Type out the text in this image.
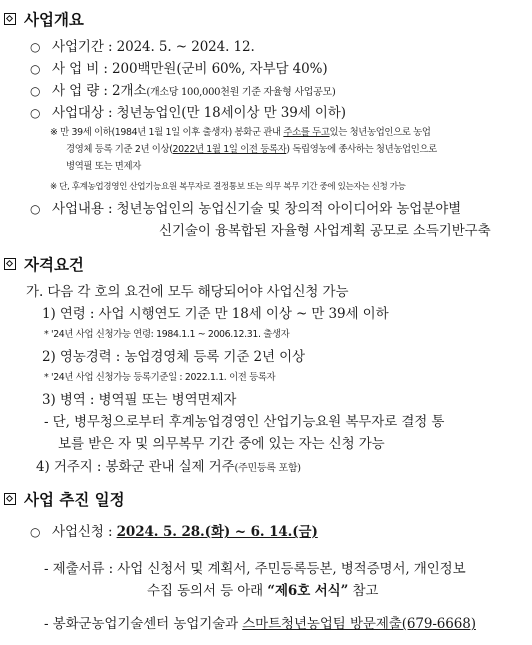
사업개요
○ 사업기간 : 2024. 5. ~ 2024. 12.
○ 사 업 비 : 200백만원(군비 60%, 자부담 40%)
○ 사 업 량 : 2개소(개소당 100,000천원 기준 자율형 사업공모)
○ 사업대상 : 청년농업인(만 18세이상 만 39세 이하)
※ 만 39세 이하(1984년 1월 1일 이후 출생자) 봉화군 관내 주소를 두고있는 청년농업인으로 농업
경영체 등록 기준 2년 이상(2022년 1월 1일 이전 등록자) 독립영농에 종사하는 청년농업인으로
병역필 또는 면제자
※ 단, 후계농업경영인 산업기능요원 복무자로 결정통보 또는 의무 복무 기간 중에 있는자는 신청 가능
○ 사업내용 : 청년농업인의 농업신기술 및 창의적 아이디어와 농업분야별
신기술이 융복합된 자율형 사업계획 공모로 소득기반구축
자격요건
가. 다음 각 호의 요건에 모두 해당되어야 사업신청 가능
1) 연령 : 사업 시행연도 기준 만 18세 이상 ~ 만 39세 이하
* '24년 사업 신청가능 연령: 1984.1.1 ~ 2006.12.31. 출생자
2) 영농경력 : 농업경영체 등록 기준 2년 이상
* '24년 사업 신청가능 등록기준일 : 2022.1.1. 이전 등록자
3) 병역 : 병역필 또는 병역면제자
- 단, 병무청으로부터 후계농업경영인 산업기능요원 복무자로 결정 통
보를 받은 자 및 의무복무 기간 중에 있는 자는 신청 가능
4) 거주지 : 봉화군 관내 실제 거주(주민등록 포함)
사업 추진 일정
○ 사업신청 : 2024. 5. 28.(화) ~ 6. 14.(금)
- 제출서류 : 사업 신청서 및 계획서, 주민등록등본, 병적증명서, 개인정보
수집 동의서 등 아래 “제6호 서식” 참고
- 봉화군농업기술센터 농업기술과 스마트청년농업팀 방문제출(679-6668)
